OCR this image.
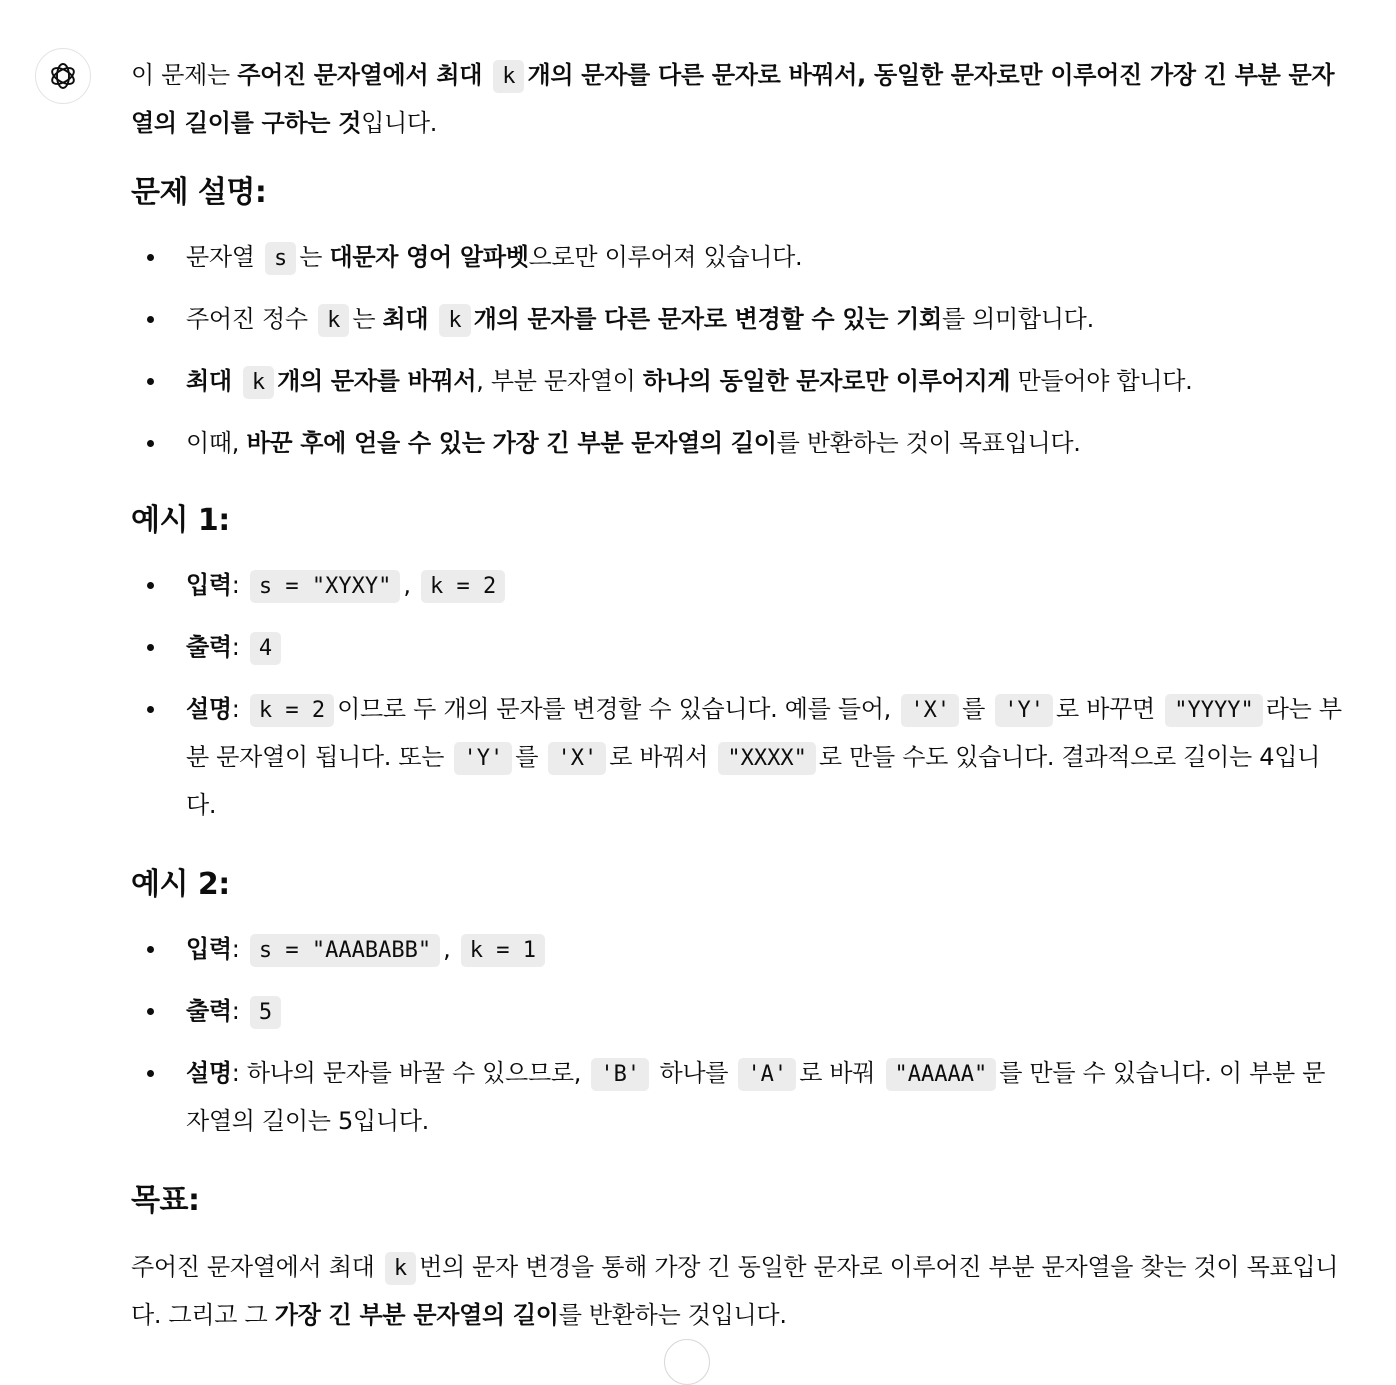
이 문제는 주어진 문자열에서 최대 k 개의 문자를 다른 문자로 바꿔서, 동일한 문자로만 이루어진 가장 긴 부분 문자열의 길이를 구하는 것입니다.

문제 설명:
문자열 s 는 대문자 영어 알파벳으로만 이루어져 있습니다.
주어진 정수 k 는 최대 k 개의 문자를 다른 문자로 변경할 수 있는 기회를 의미합니다.
최대 k 개의 문자를 바꿔서, 부분 문자열이 하나의 동일한 문자로만 이루어지게 만들어야 합니다.
이때, 바꾼 후에 얻을 수 있는 가장 긴 부분 문자열의 길이를 반환하는 것이 목표입니다.
예시 1:
입력: s = "XYXY" , k = 2
출력: 4
설명: k = 2 이므로 두 개의 문자를 변경할 수 있습니다. 예를 들어, 'X' 를 'Y' 로 바꾸면 "YYYY" 라는 부분 문자열이 됩니다. 또는 'Y' 를 'X' 로 바꿔서 "XXXX" 로 만들 수도 있습니다. 결과적으로 길이는 4입니다.
예시 2:
입력: s = "AAABABB" , k = 1
출력: 5
설명: 하나의 문자를 바꿀 수 있으므로, 'B' 하나를 'A' 로 바꿔 "AAAAA" 를 만들 수 있습니다. 이 부분 문자열의 길이는 5입니다.
목표:

주어진 문자열에서 최대 k 번의 문자 변경을 통해 가장 긴 동일한 문자로 이루어진 부분 문자열을 찾는 것이 목표입니다. 그리고 그 가장 긴 부분 문자열의 길이를 반환하는 것입니다.
